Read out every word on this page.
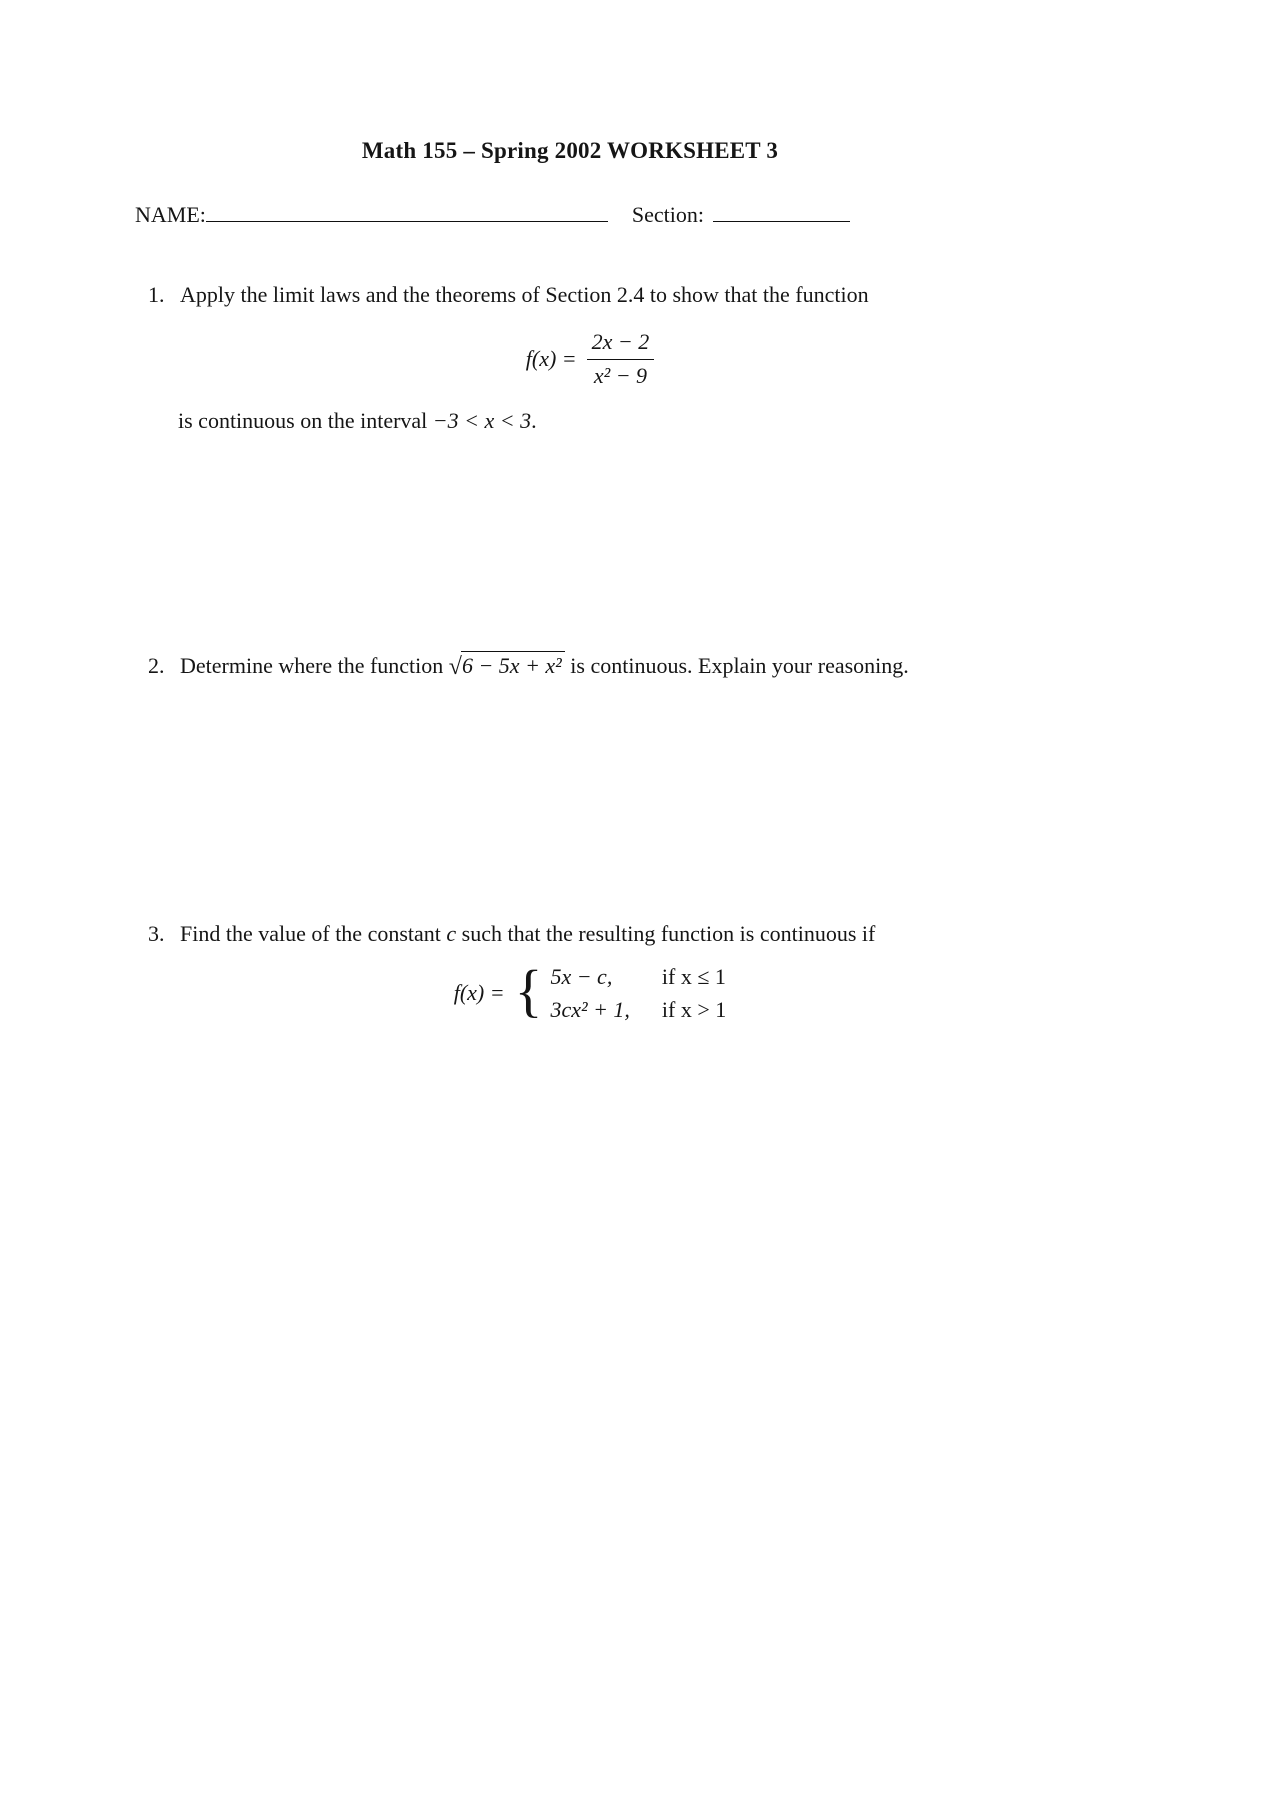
Math 155 – Spring 2002 WORKSHEET 3
NAME:	Section:
1. Apply the limit laws and the theorems of Section 2.4 to show that the function
$f(x) = \frac{2x - 2}{\text{x² − 9}}$
is continuous on the interval −3 < x < 3.
2. Determine where the function √6 − 5x + x² is continuous. Explain your reasoning.
3. Find the value of the constant c such that the resulting function is continuous if
f(x) = { 5x − c,	if x ≤ 1
3cx² + 1, if x > 1
